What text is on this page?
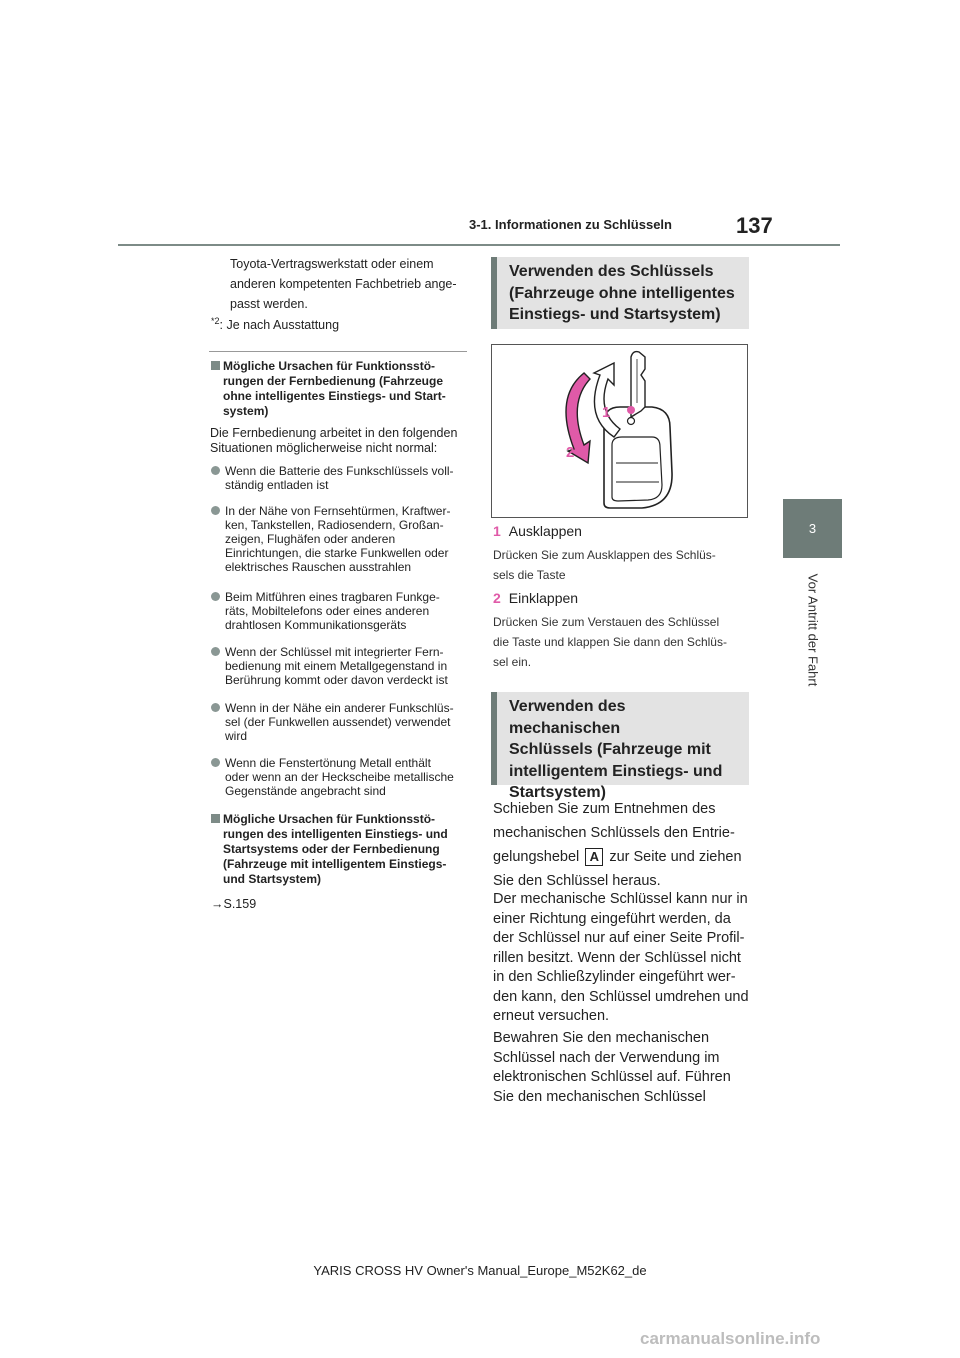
3-1. Informationen zu Schlüsseln	137
3
Vor Antritt der Fahrt
Toyota-Vertragswerkstatt oder einem
anderen kompetenten Fachbetrieb ange-
passt werden.
$^{*2}$: Je nach Ausstattung
Mögliche Ursachen für Funktionsstö-
rungen der Fernbedienung (Fahrzeuge
ohne intelligentes Einstiegs- und Start-
system)
Die Fernbedienung arbeitet in den folgenden
Situationen möglicherweise nicht normal:
Wenn die Batterie des Funkschlüssels voll-
ständig entladen ist
In der Nähe von Fernsehtürmen, Kraftwer-
ken, Tankstellen, Radiosendern, Großan-
zeigen, Flughäfen oder anderen
Einrichtungen, die starke Funkwellen oder
elektrisches Rauschen ausstrahlen
Beim Mitführen eines tragbaren Funkge-
räts, Mobiltelefons oder eines anderen
drahtlosen Kommunikationsgeräts
Wenn der Schlüssel mit integrierter Fern-
bedienung mit einem Metallgegenstand in
Berührung kommt oder davon verdeckt ist
Wenn in der Nähe ein anderer Funkschlüs-
sel (der Funkwellen aussendet) verwendet
wird
Wenn die Fenstertönung Metall enthält
oder wenn an der Heckscheibe metallische
Gegenstände angebracht sind
Mögliche Ursachen für Funktionsstö-
rungen des intelligenten Einstiegs- und
Startsystems oder der Fernbedienung
(Fahrzeuge mit intelligentem Einstiegs-
und Startsystem)
→S.159
Verwenden des Schlüssels
(Fahrzeuge ohne intelligentes
Einstiegs- und Startsystem)
1
2
1 Ausklappen
Drücken Sie zum Ausklappen des Schlüs-
sels die Taste
2 Einklappen
Drücken Sie zum Verstauen des Schlüssel
die Taste und klappen Sie dann den Schlüs-
sel ein.
Verwenden des mechanischen
Schlüssels (Fahrzeuge mit
intelligentem Einstiegs- und
Startsystem)
Schieben Sie zum Entnehmen des
mechanischen Schlüssels den Entrie-
gelungshebel A zur Seite und ziehen
Sie den Schlüssel heraus.
Der mechanische Schlüssel kann nur in
einer Richtung eingeführt werden, da
der Schlüssel nur auf einer Seite Profil-
rillen besitzt. Wenn der Schlüssel nicht
in den Schließzylinder eingeführt wer-
den kann, den Schlüssel umdrehen und
erneut versuchen.
Bewahren Sie den mechanischen
Schlüssel nach der Verwendung im
elektronischen Schlüssel auf. Führen
Sie den mechanischen Schlüssel
YARIS CROSS HV Owner's Manual_Europe_M52K62_de
carmanualsonline.info
